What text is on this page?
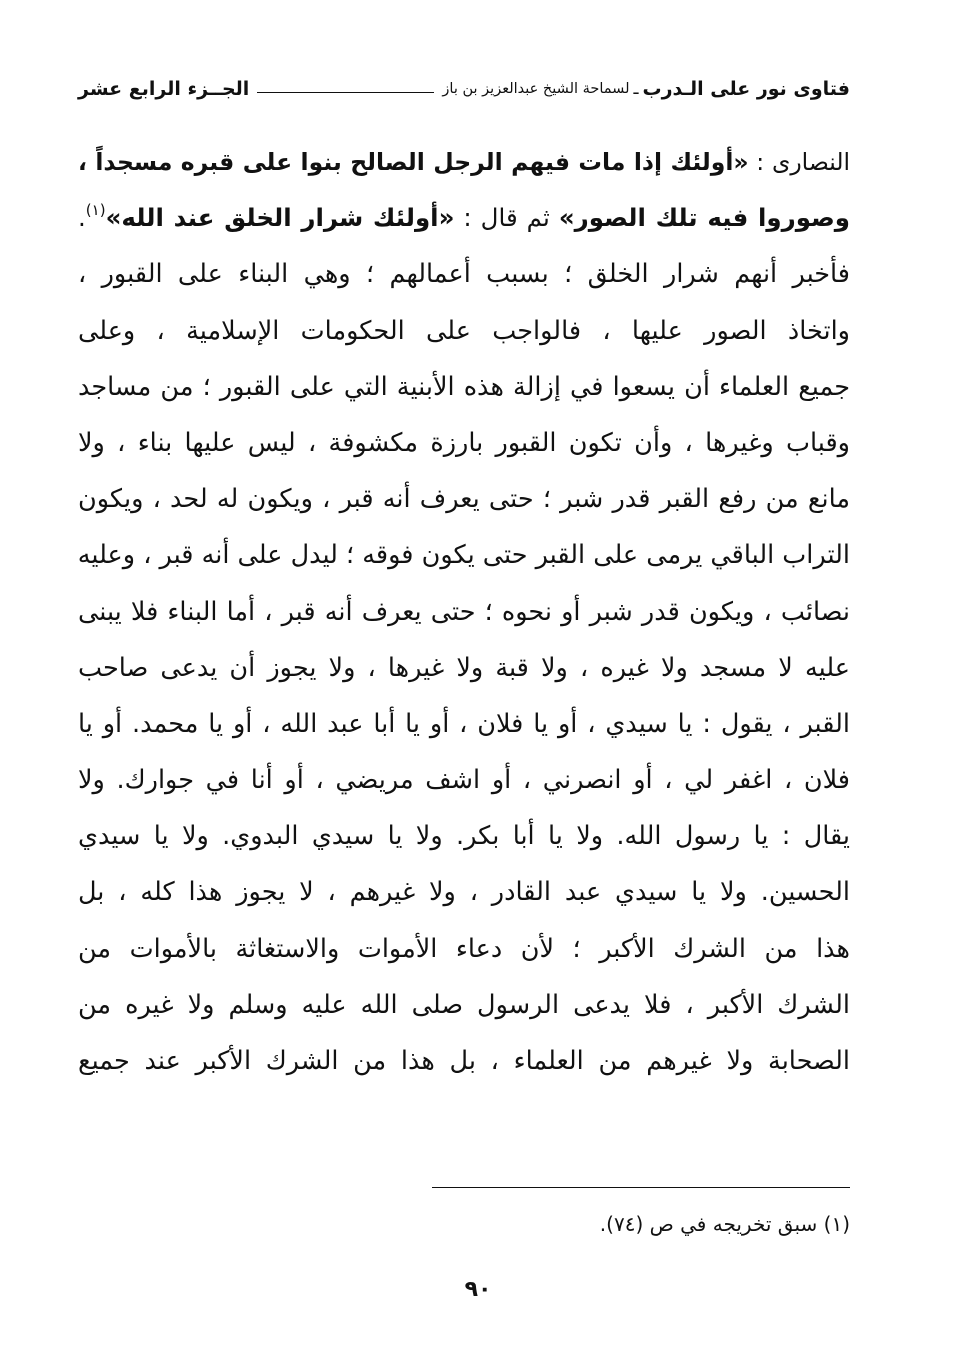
فتاوى نور على الـدرب
ـ
لسماحة الشيخ عبدالعزيز بن باز
الجــزء الرابع عشر
النصارى : «أولئك إذا مات فيهم الرجل الصالح بنوا على قبره مسجداً ،
وصوروا فيه تلك الصور» ثم قال : «أولئك شرار الخلق عند الله»$^{(١)}$.
فأخبر أنهم شرار الخلق ؛ بسبب أعمالهم ؛ وهي البناء على القبور ،
واتخاذ الصور عليها ، فالواجب على الحكومات الإسلامية ، وعلى
جميع العلماء أن يسعوا في إزالة هذه الأبنية التي على القبور ؛ من مساجد
وقباب وغيرها ، وأن تكون القبور بارزة مكشوفة ، ليس عليها بناء ، ولا
مانع من رفع القبر قدر شبر ؛ حتى يعرف أنه قبر ، ويكون له لحد ، ويكون
التراب الباقي يرمى على القبر حتى يكون فوقه ؛ ليدل على أنه قبر ، وعليه
نصائب ، ويكون قدر شبر أو نحوه ؛ حتى يعرف أنه قبر ، أما البناء فلا يبنى
عليه لا مسجد ولا غيره ، ولا قبة ولا غيرها ، ولا يجوز أن يدعى صاحب
القبر ، يقول : يا سيدي ، أو يا فلان ، أو يا أبا عبد الله ، أو يا محمد. أو يا
فلان ، اغفر لي ، أو انصرني ، أو اشف مريضي ، أو أنا في جوارك. ولا
يقال : يا رسول الله. ولا يا أبا بكر. ولا يا سيدي البدوي. ولا يا سيدي
الحسين. ولا يا سيدي عبد القادر ، ولا غيرهم ، لا يجوز هذا كله ، بل
هذا من الشرك الأكبر ؛ لأن دعاء الأموات والاستغاثة بالأموات من
الشرك الأكبر ، فلا يدعى الرسول صلى الله عليه وسلم ولا غيره من
الصحابة ولا غيرهم من العلماء ، بل هذا من الشرك الأكبر عند جميع
(١) سبق تخريجه في ص (٧٤).
٩٠
